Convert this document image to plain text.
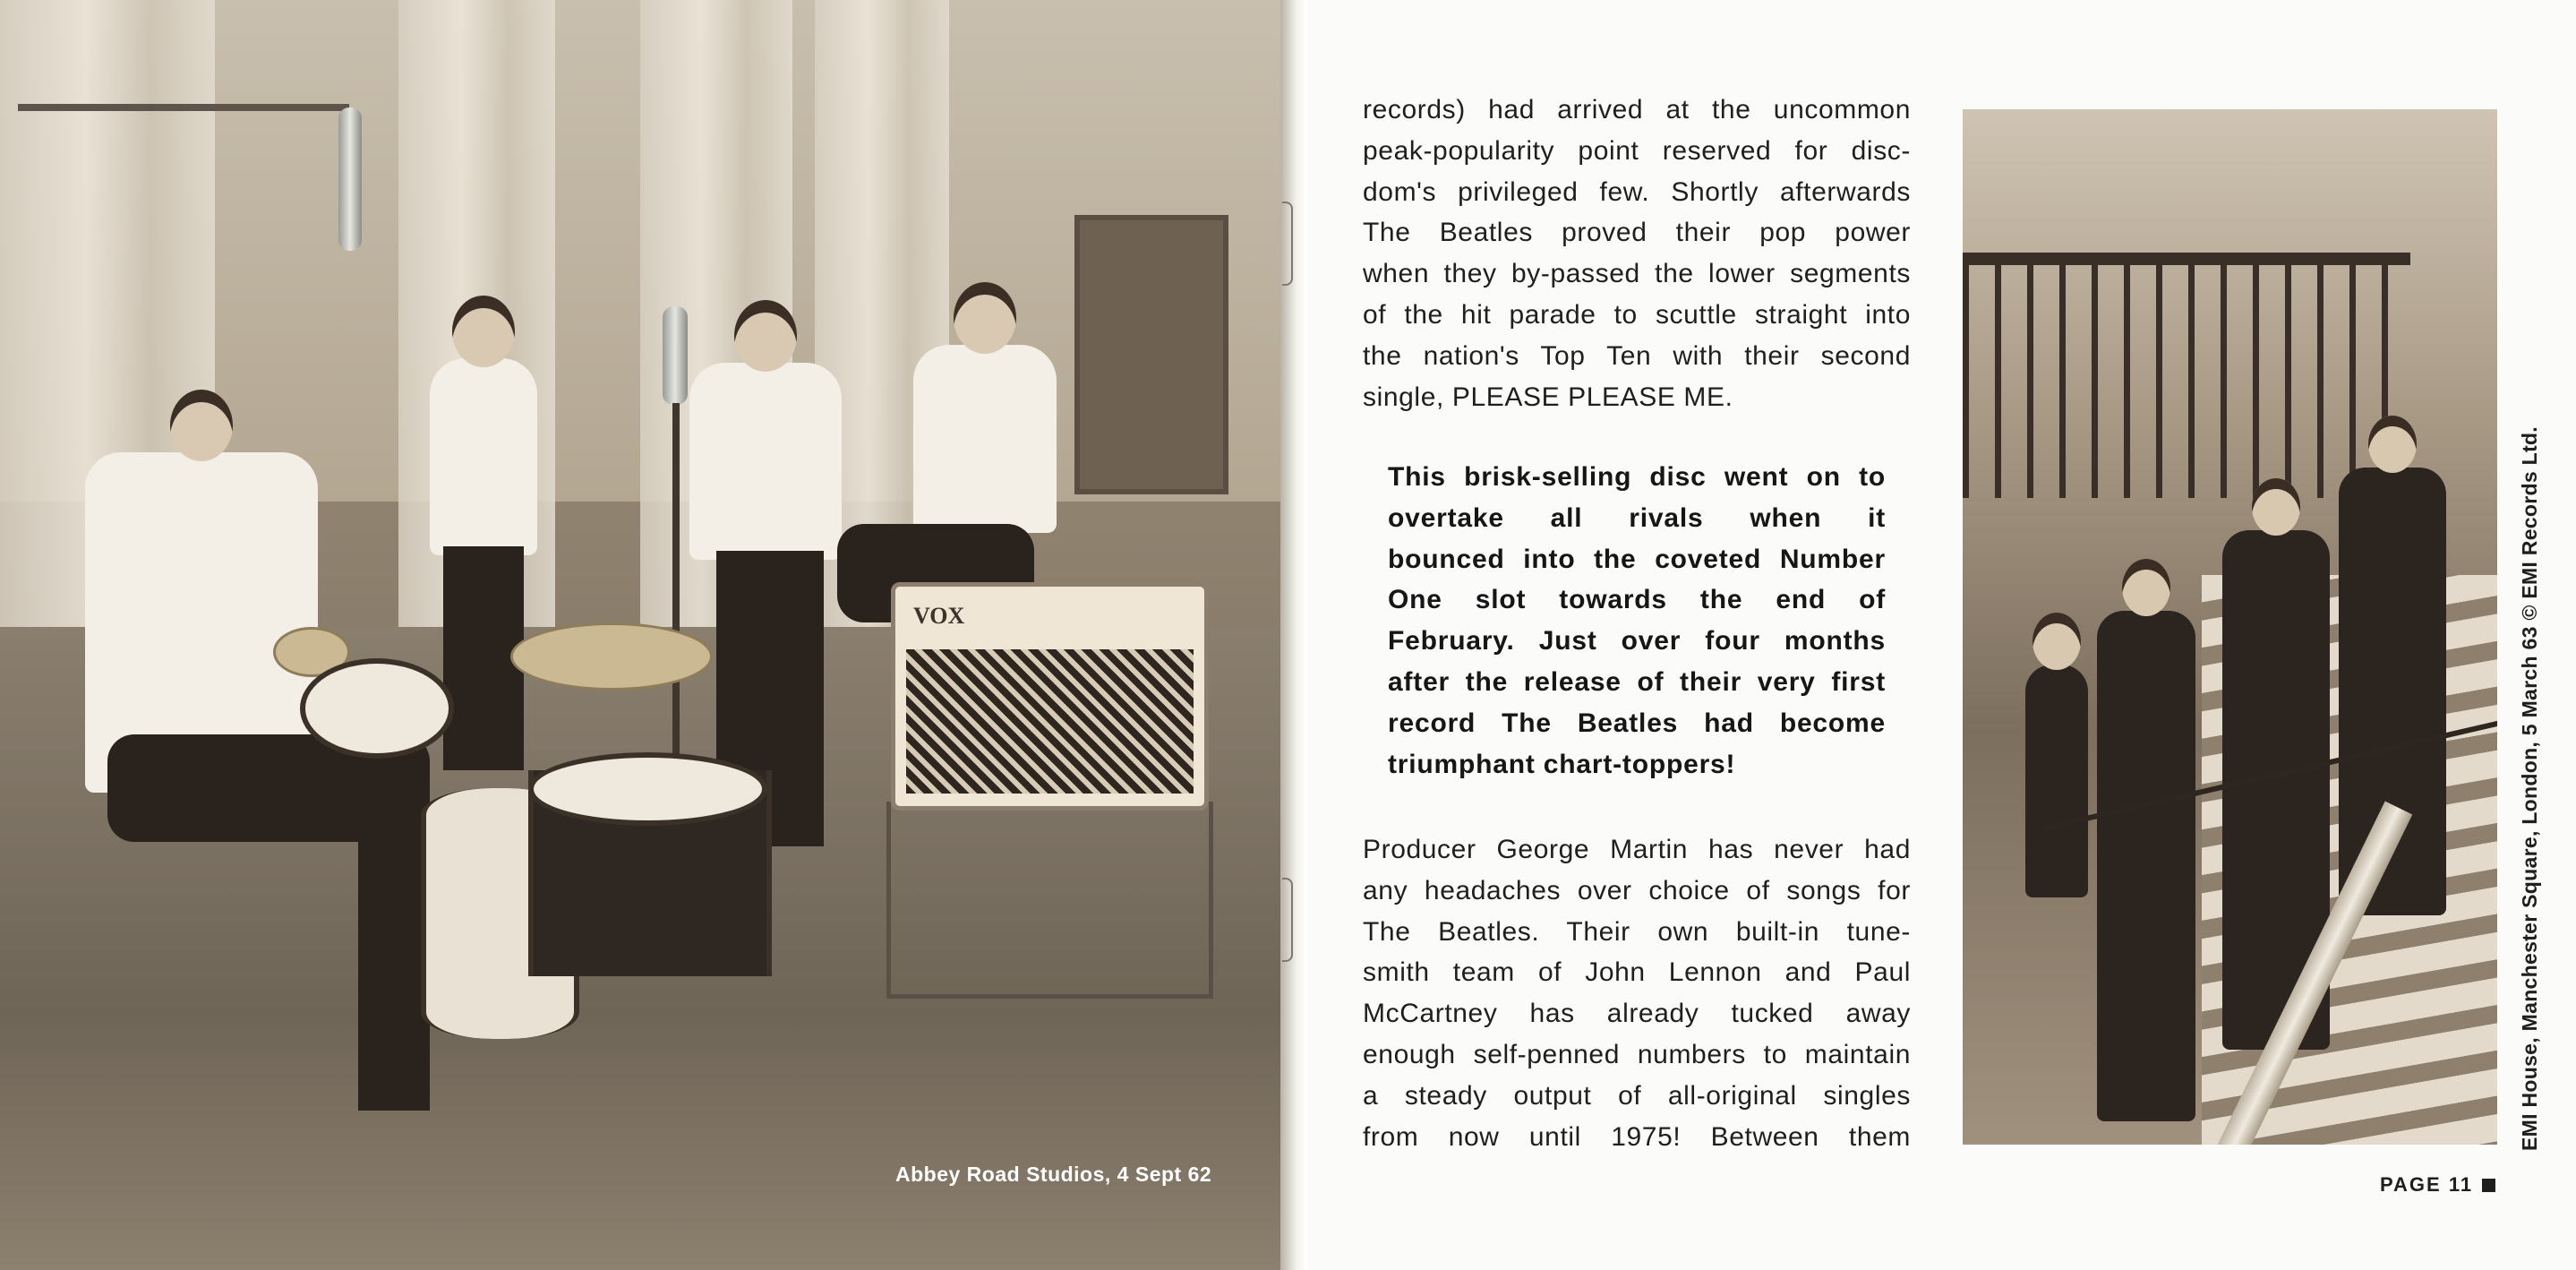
VOX
Abbey Road Studios, 4 Sept 62
records) had arrived at the uncommon
peak-popularity point reserved for disc-
dom's privileged few. Shortly afterwards
The Beatles proved their pop power
when they by-passed the lower segments
of the hit parade to scuttle straight into
the nation's Top Ten with their second
single, PLEASE PLEASE ME.
This brisk-selling disc went on to
overtake all rivals when it
bounced into the coveted Number
One slot towards the end of
February. Just over four months
after the release of their very first
record The Beatles had become
triumphant chart-toppers!
Producer George Martin has never had
any headaches over choice of songs for
The Beatles. Their own built-in tune-
smith team of John Lennon and Paul
McCartney has already tucked away
enough self-penned numbers to maintain
a steady output of all-original singles
from now until 1975! Between them	EMI House, Manchester Square, London, 5 March 63 © EMI Records Ltd.
PAGE 11
